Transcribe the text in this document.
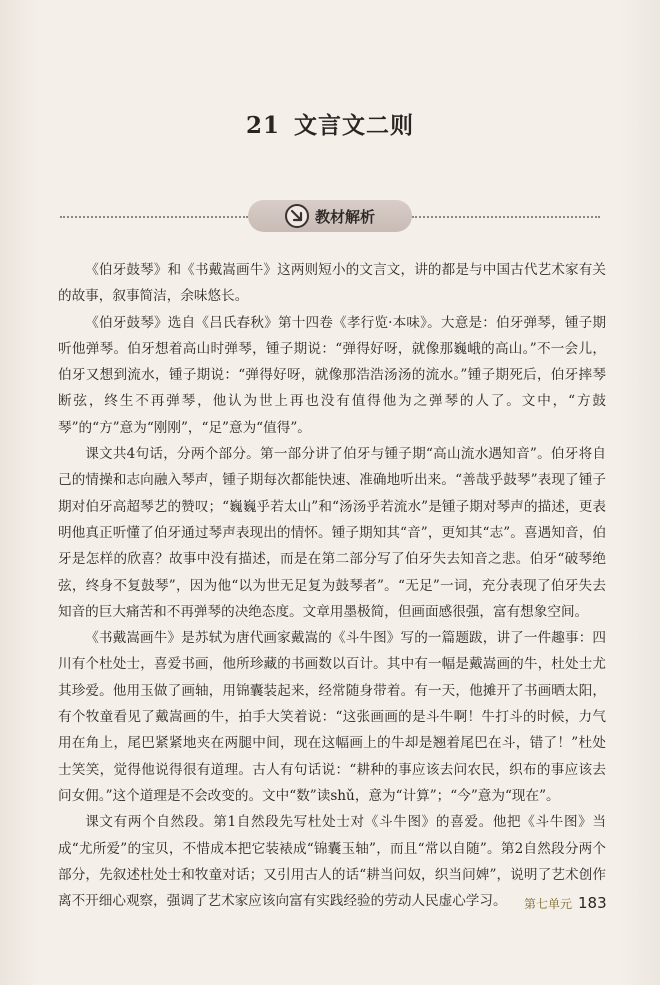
21 文言文二则
教材解析

《伯牙鼓琴》和《书戴嵩画牛》这两则短小的文言文，讲的都是与中国古代艺术家有关的故事，叙事简洁，余味悠长。

《伯牙鼓琴》选自《吕氏春秋》第十四卷《孝行览·本味》。大意是：伯牙弹琴，锺子期听他弹琴。伯牙想着高山时弹琴，锺子期说：“弹得好呀，就像那巍峨的高山。”不一会儿，伯牙又想到流水，锺子期说：“弹得好呀，就像那浩浩汤汤的流水。”锺子期死后，伯牙摔琴断弦，终生不再弹琴，他认为世上再也没有值得他为之弹琴的人了。文中，“方鼓琴”的“方”意为“刚刚”，“足”意为“值得”。

课文共4句话，分两个部分。第一部分讲了伯牙与锺子期“高山流水遇知音”。伯牙将自己的情操和志向融入琴声，锺子期每次都能快速、准确地听出来。“善哉乎鼓琴”表现了锺子期对伯牙高超琴艺的赞叹；“巍巍乎若太山”和“汤汤乎若流水”是锺子期对琴声的描述，更表明他真正听懂了伯牙通过琴声表现出的情怀。锺子期知其“音”，更知其“志”。喜遇知音，伯牙是怎样的欣喜？故事中没有描述，而是在第二部分写了伯牙失去知音之悲。伯牙“破琴绝弦，终身不复鼓琴”，因为他“以为世无足复为鼓琴者”。“无足”一词，充分表现了伯牙失去知音的巨大痛苦和不再弹琴的决绝态度。文章用墨极简，但画面感很强，富有想象空间。

《书戴嵩画牛》是苏轼为唐代画家戴嵩的《斗牛图》写的一篇题跋，讲了一件趣事：四川有个杜处士，喜爱书画，他所珍藏的书画数以百计。其中有一幅是戴嵩画的牛，杜处士尤其珍爱。他用玉做了画轴，用锦囊装起来，经常随身带着。有一天，他摊开了书画晒太阳，有个牧童看见了戴嵩画的牛，拍手大笑着说：“这张画画的是斗牛啊！牛打斗的时候，力气用在角上，尾巴紧紧地夹在两腿中间，现在这幅画上的牛却是翘着尾巴在斗，错了！”杜处士笑笑，觉得他说得很有道理。古人有句话说：“耕种的事应该去问农民，织布的事应该去问女佣。”这个道理是不会改变的。文中“数”读shǔ，意为“计算”；“今”意为“现在”。

课文有两个自然段。第1自然段先写杜处士对《斗牛图》的喜爱。他把《斗牛图》当成“尤所爱”的宝贝，不惜成本把它装裱成“锦囊玉轴”，而且“常以自随”。第2自然段分两个部分，先叙述杜处士和牧童对话；又引用古人的话“耕当问奴，织当问婢”，说明了艺术创作离不开细心观察，强调了艺术家应该向富有实践经验的劳动人民虚心学习。	第七单元 183
